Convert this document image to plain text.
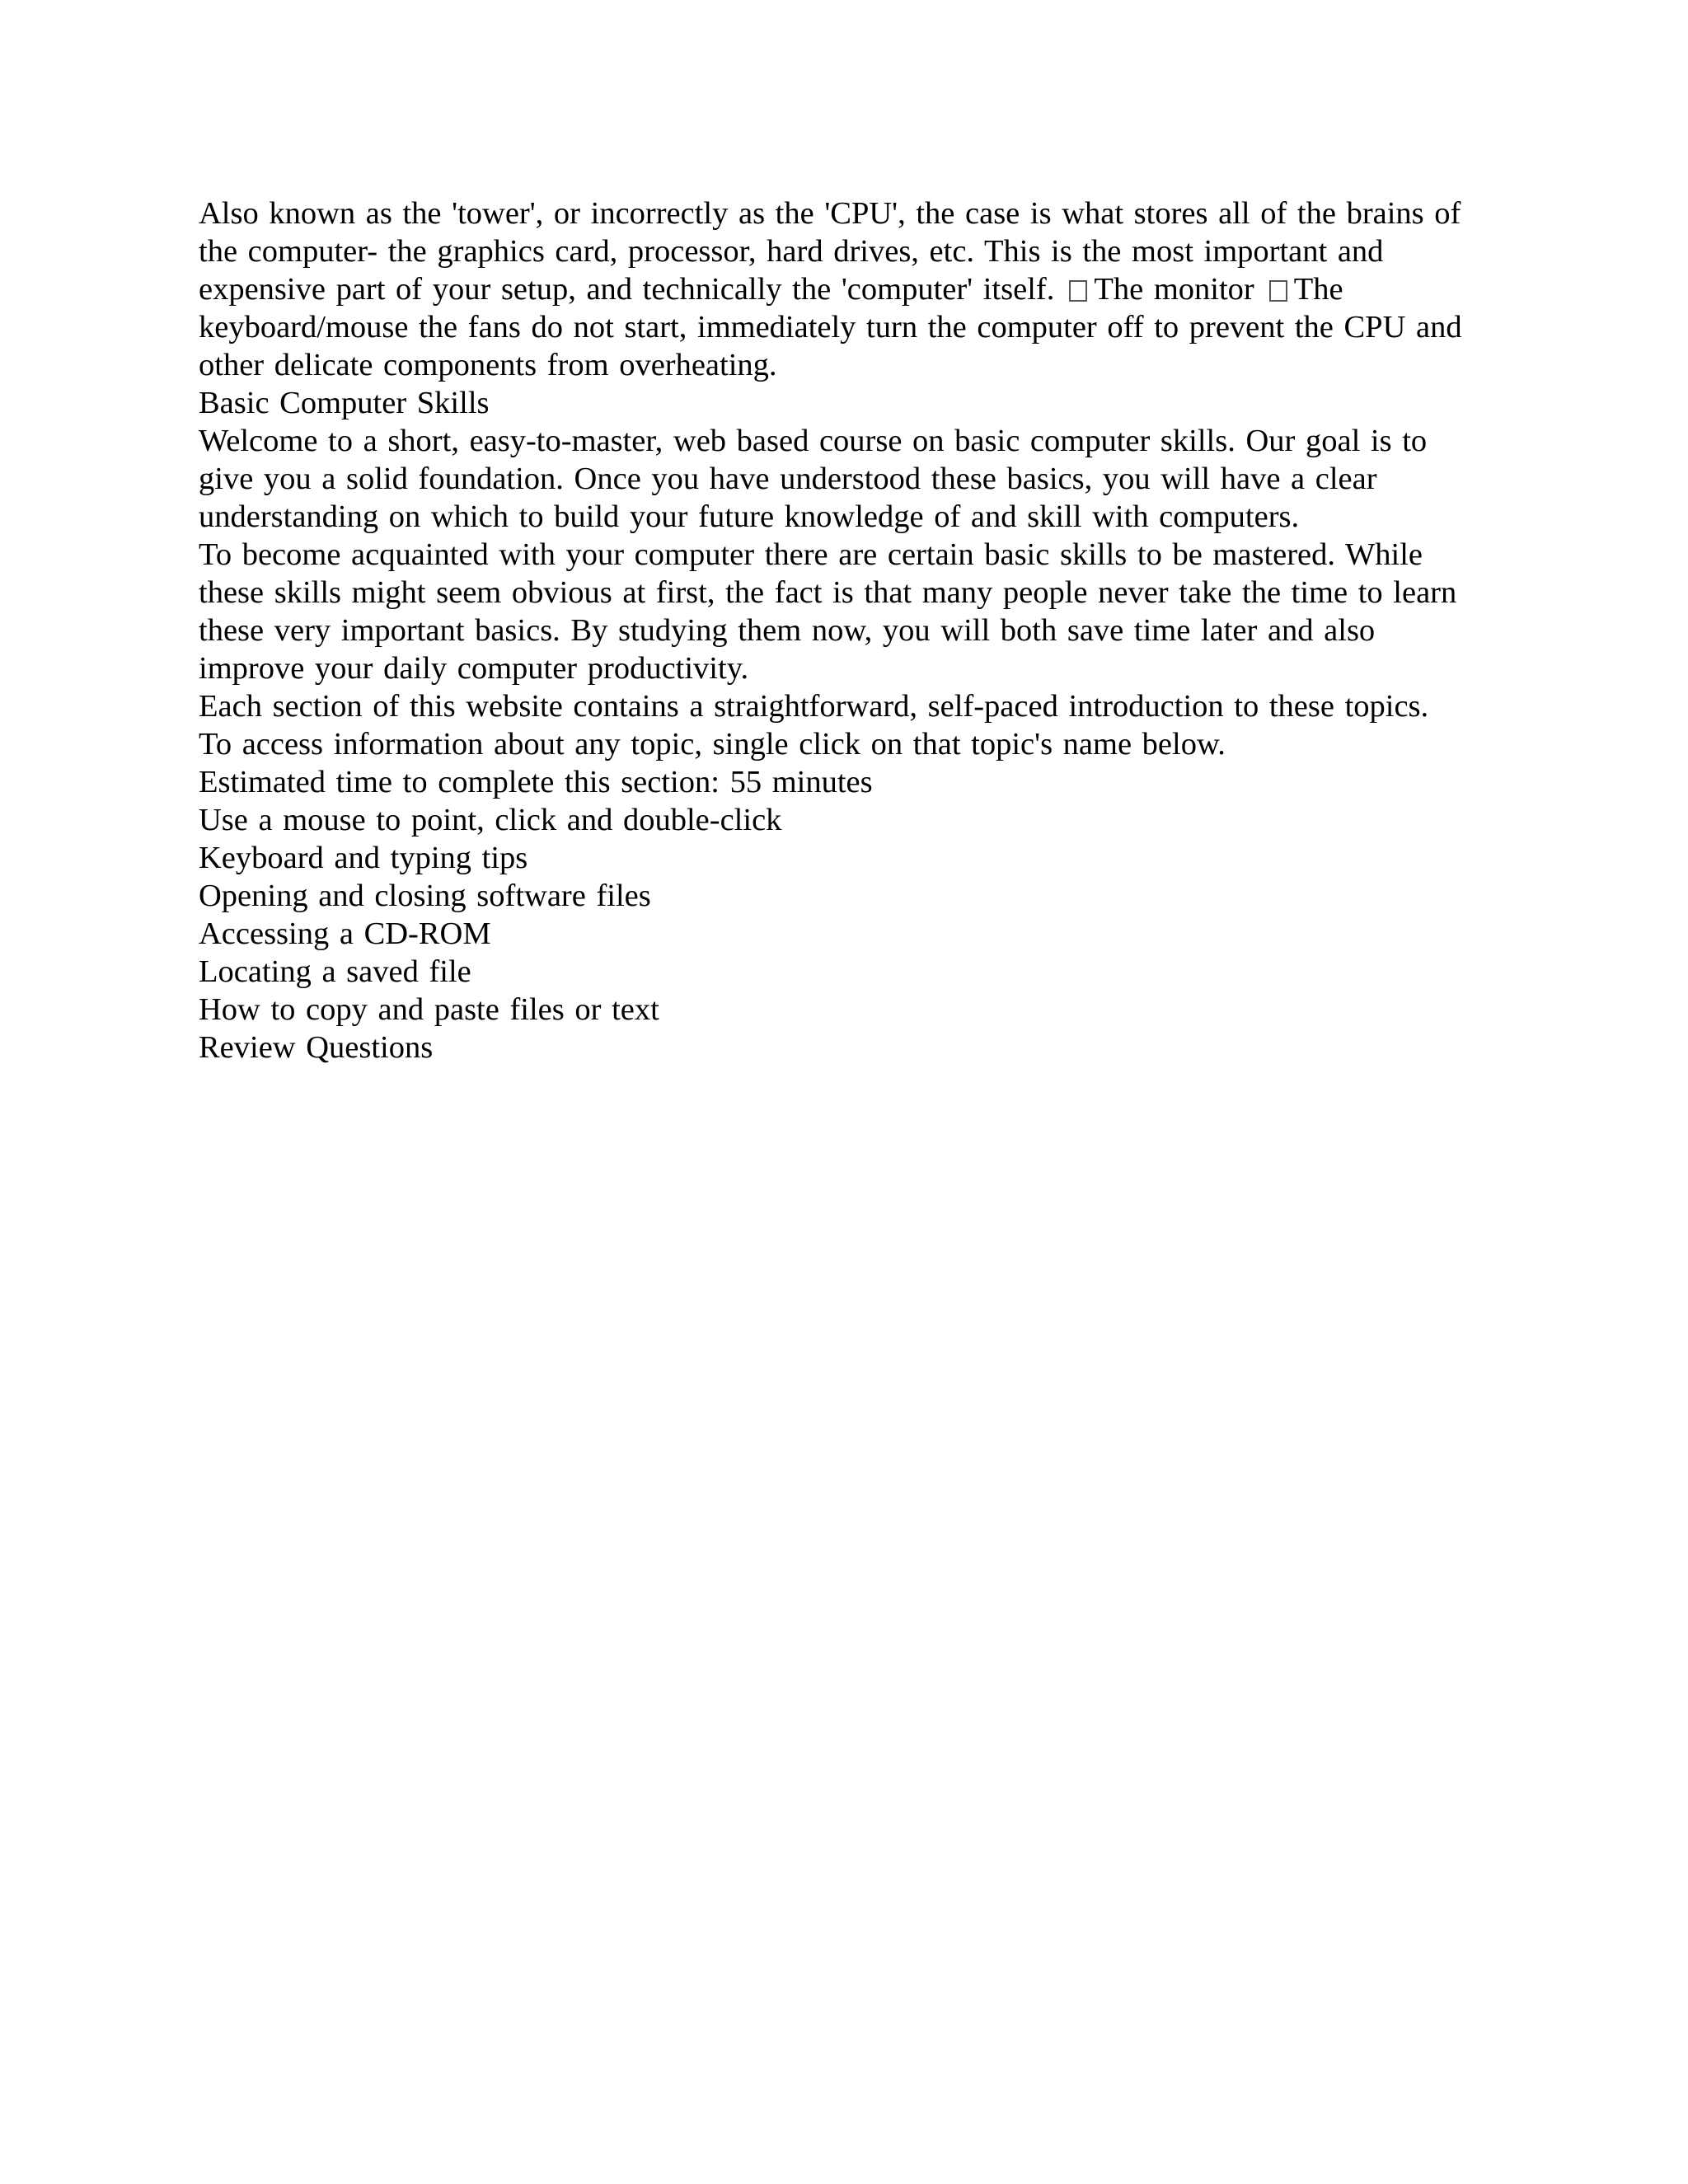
Also known as the 'tower', or incorrectly as the 'CPU', the case is what stores all of the brains of
the computer- the graphics card, processor, hard drives, etc. This is the most important and
expensive part of your setup, and technically the 'computer' itself. The monitor The
keyboard/mouse the fans do not start, immediately turn the computer off to prevent the CPU and
other delicate components from overheating.
Basic Computer Skills
Welcome to a short, easy-to-master, web based course on basic computer skills. Our goal is to
give you a solid foundation. Once you have understood these basics, you will have a clear
understanding on which to build your future knowledge of and skill with computers.
To become acquainted with your computer there are certain basic skills to be mastered. While
these skills might seem obvious at first, the fact is that many people never take the time to learn
these very important basics. By studying them now, you will both save time later and also
improve your daily computer productivity.
Each section of this website contains a straightforward, self-paced introduction to these topics.
To access information about any topic, single click on that topic's name below.
Estimated time to complete this section: 55 minutes
Use a mouse to point, click and double-click
Keyboard and typing tips
Opening and closing software files
Accessing a CD-ROM
Locating a saved file
How to copy and paste files or text
Review Questions
